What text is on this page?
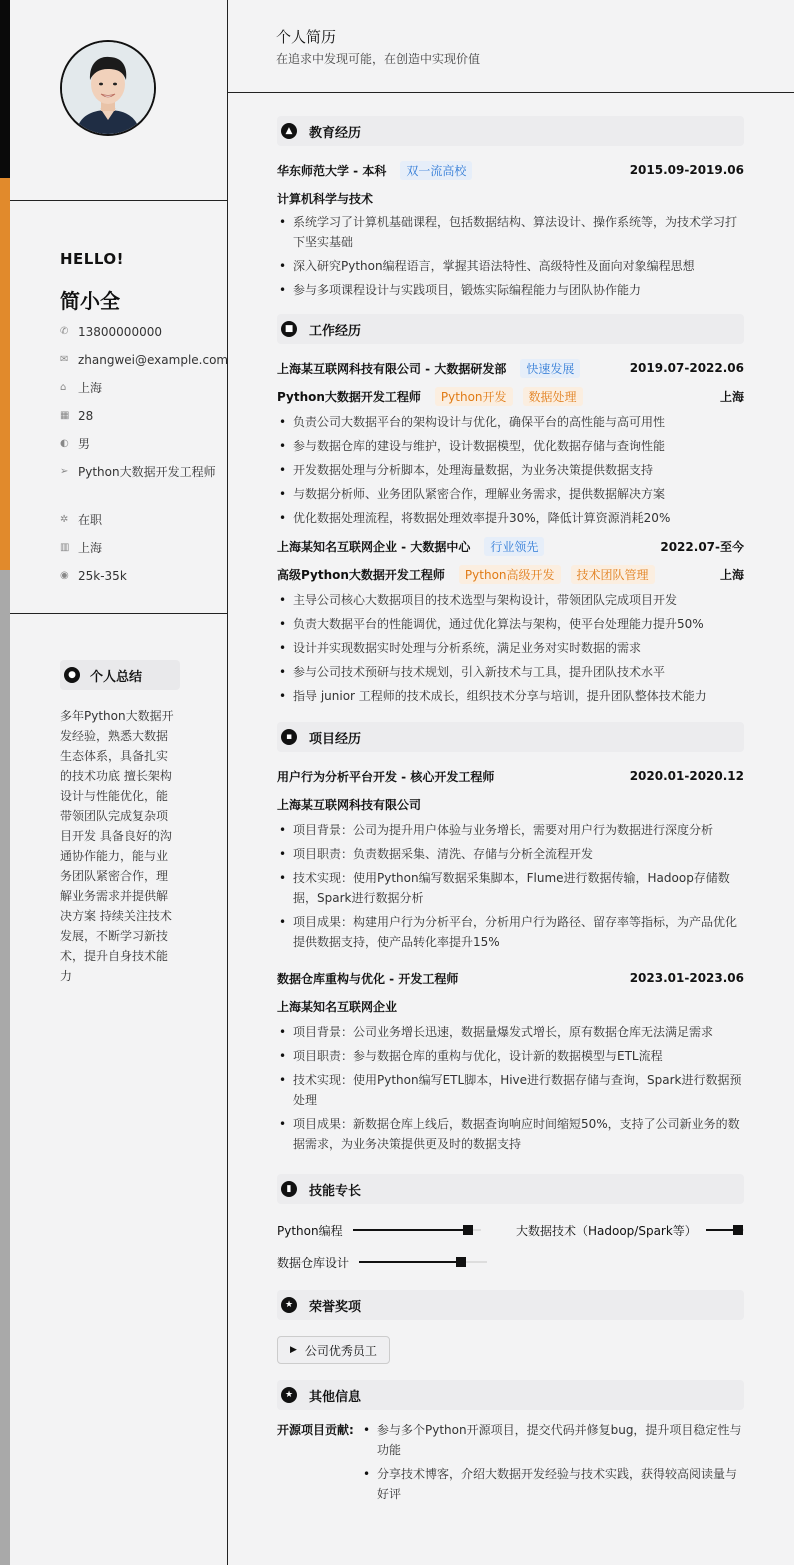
HELLO!
简小全
✆ 13800000000
✉ zhangwei@example.com
⌂ 上海
▦ 28
◐ 男
➢ Python大数据开发工程师
✲ 在职
▥ 上海
◉ 25k-35k
●	个人总结
多年Python大数据开发经验，熟悉大数据生态体系，具备扎实的技术功底 擅长架构设计与性能优化，能带领团队完成复杂项目开发 具备良好的沟通协作能力，能与业务团队紧密合作，理解业务需求并提供解决方案 持续关注技术发展，不断学习新技术，提升自身技术能力
个人简历
在追求中发现可能，在创造中实现价值
▲	教育经历
华东师范大学 - 本科	双一流高校	2015.09-2019.06
计算机科学与技术
• 系统学习了计算机基础课程，包括数据结构、算法设计、操作系统等，为技术学习打下坚实基础
• 深入研究Python编程语言，掌握其语法特性、高级特性及面向对象编程思想
• 参与多项课程设计与实践项目，锻炼实际编程能力与团队协作能力
■ 工作经历
上海某互联网科技有限公司 - 大数据研发部	快速发展	2019.07-2022.06
Python大数据开发工程师	Python开发	数据处理	上海
• 负责公司大数据平台的架构设计与优化，确保平台的高性能与高可用性
• 参与数据仓库的建设与维护，设计数据模型，优化数据存储与查询性能
• 开发数据处理与分析脚本，处理海量数据，为业务决策提供数据支持
• 与数据分析师、业务团队紧密合作，理解业务需求，提供数据解决方案
• 优化数据处理流程，将数据处理效率提升30%，降低计算资源消耗20%
上海某知名互联网企业 - 大数据中心	行业领先	2022.07-至今
高级Python大数据开发工程师	Python高级开发	技术团队管理	上海
• 主导公司核心大数据项目的技术选型与架构设计，带领团队完成项目开发
• 负责大数据平台的性能调优，通过优化算法与架构，使平台处理能力提升50%
• 设计并实现数据实时处理与分析系统，满足业务对实时数据的需求
• 参与公司技术预研与技术规划，引入新技术与工具，提升团队技术水平
• 指导 junior 工程师的技术成长，组织技术分享与培训，提升团队整体技术能力
▪	项目经历
用户行为分析平台开发 - 核心开发工程师	2020.01-2020.12
上海某互联网科技有限公司
• 项目背景：公司为提升用户体验与业务增长，需要对用户行为数据进行深度分析
• 项目职责：负责数据采集、清洗、存储与分析全流程开发
• 技术实现：使用Python编写数据采集脚本，Flume进行数据传输，Hadoop存储数据，Spark进行数据分析
• 项目成果：构建用户行为分析平台，分析用户行为路径、留存率等指标，为产品优化提供数据支持，使产品转化率提升15%
数据仓库重构与优化 - 开发工程师	2023.01-2023.06
上海某知名互联网企业
• 项目背景：公司业务增长迅速，数据量爆发式增长，原有数据仓库无法满足需求
• 项目职责：参与数据仓库的重构与优化，设计新的数据模型与ETL流程
• 技术实现：使用Python编写ETL脚本，Hive进行数据存储与查询，Spark进行数据预处理
• 项目成果：新数据仓库上线后，数据查询响应时间缩短50%，支持了公司新业务的数据需求，为业务决策提供更及时的数据支持
▮	技能专长
Python编程	大数据技术（Hadoop/Spark等）
数据仓库设计
★	荣誉奖项
▶ 公司优秀员工
★	其他信息
开源项目贡献:
•	参与多个Python开源项目，提交代码并修复bug，提升项目稳定性与功能
• 分享技术博客，介绍大数据开发经验与技术实践，获得较高阅读量与好评
